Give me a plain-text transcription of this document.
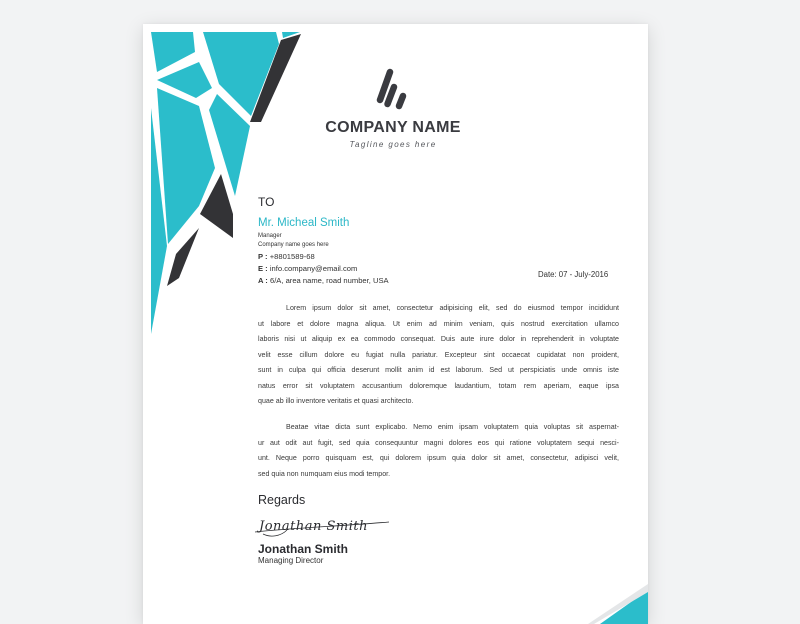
COMPANY NAME
Tagline goes here
TO
Mr. Micheal Smith
Manager
Company name goes here
P : +8801589-68
E : info.company@email.com
A : 6/A, area name, road number, USA
Date: 07 - July-2016
Lorem ipsum dolor sit amet, consectetur adipisicing elit, sed do eiusmod tempor incididunt
ut labore et dolore magna aliqua. Ut enim ad minim veniam, quis nostrud exercitation ullamco
laboris nisi ut aliquip ex ea commodo consequat. Duis aute irure dolor in reprehenderit in voluptate
velit esse cillum dolore eu fugiat nulla pariatur. Excepteur sint occaecat cupidatat non proident,
sunt in culpa qui officia deserunt mollit anim id est laborum. Sed ut perspiciatis unde omnis iste
natus error sit voluptatem accusantium doloremque laudantium, totam rem aperiam, eaque ipsa
quae ab illo inventore veritatis et quasi architecto.
Beatae vitae dicta sunt explicabo. Nemo enim ipsam voluptatem quia voluptas sit aspernat-
ur aut odit aut fugit, sed quia consequuntur magni dolores eos qui ratione voluptatem sequi nesci-
unt. Neque porro quisquam est, qui dolorem ipsum quia dolor sit amet, consectetur, adipisci velit,
sed quia non numquam eius modi tempor.
Regards
Jonathan Smith
Jonathan Smith
Managing Director
